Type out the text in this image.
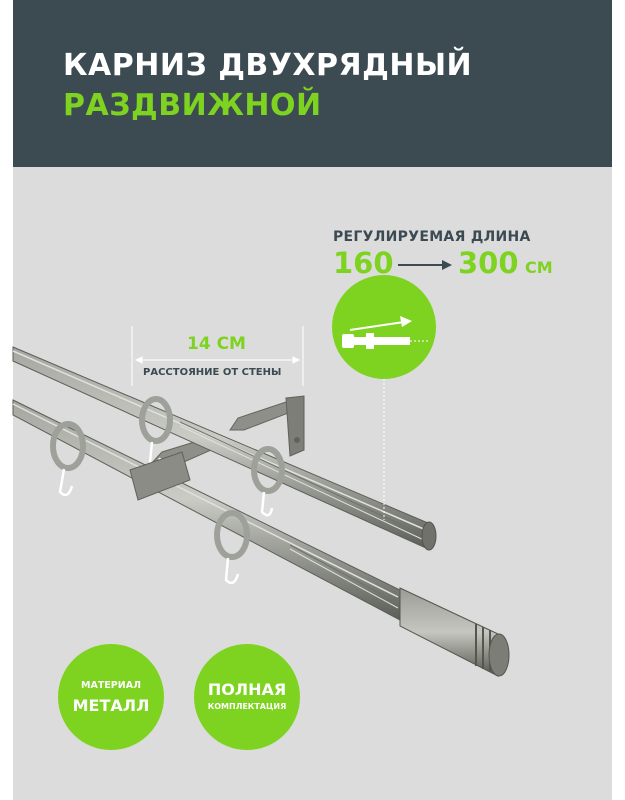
КАРНИЗ ДВУХРЯДНЫЙ
РАЗДВИЖНОЙ
РЕГУЛИРУЕМАЯ ДЛИНА
160 300 СМ
14 СМ
РАССТОЯНИЕ ОТ СТЕНЫ
МАТЕРИАЛ
МЕТАЛЛ
ПОЛНАЯ
КОМПЛЕКТАЦИЯ
